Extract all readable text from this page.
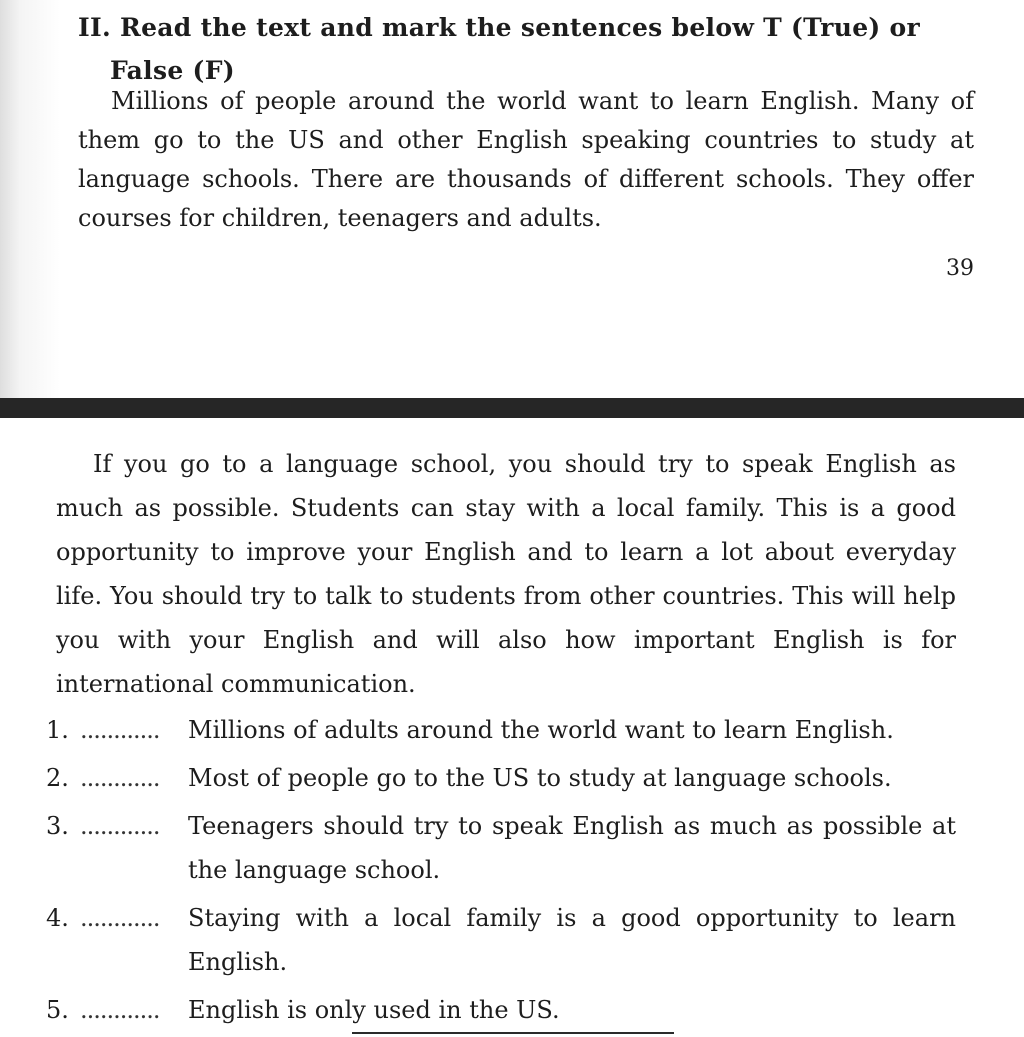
II. Read the text and mark the sentences below T (True) or
False (F)

Millions of people around the world want to learn English. Many of them go to the US and other English speaking countries to study at language schools. There are thousands of different schools. They offer courses for children, teenagers and adults.

39

If you go to a language school, you should try to speak English as much as possible. Students can stay with a local family. This is a good opportunity to improve your English and to learn a lot about everyday life. You should try to talk to students from other countries. This will help you with your English and will also how important English is for international communication.

1. ............	Millions of adults around the world want to learn English.
2. ............	Most of people go to the US to study at language schools.
3. ............	Teenagers should try to speak English as much as possible at the language school.
4. ............	Staying with a local family is a good opportunity to learn English.
5. ............	English is only used in the US.
